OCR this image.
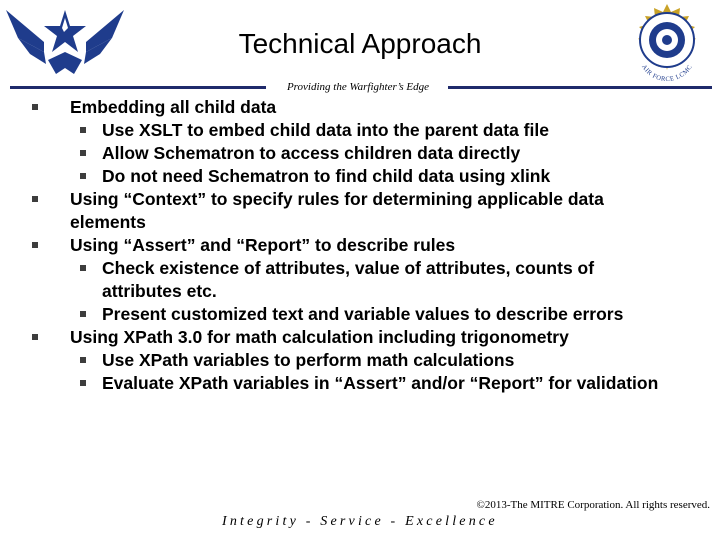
AIR FORCE LCMC
Technical Approach
Providing the Warfighter’s Edge
Embedding all child data
Use XSLT to embed child data into the parent data file
Allow Schematron to access children data directly
Do not need Schematron to find child data using xlink
Using “Context” to specify rules for determining applicable data elements
Using “Assert” and “Report” to describe rules
Check existence of attributes, value of attributes, counts of attributes etc.
Present customized text and variable values to describe errors
Using XPath 3.0 for math calculation including trigonometry
Use XPath variables to perform math calculations
Evaluate XPath variables in “Assert” and/or “Report” for validation
©2013-The MITRE Corporation. All rights reserved.
Integrity - Service - Excellence
